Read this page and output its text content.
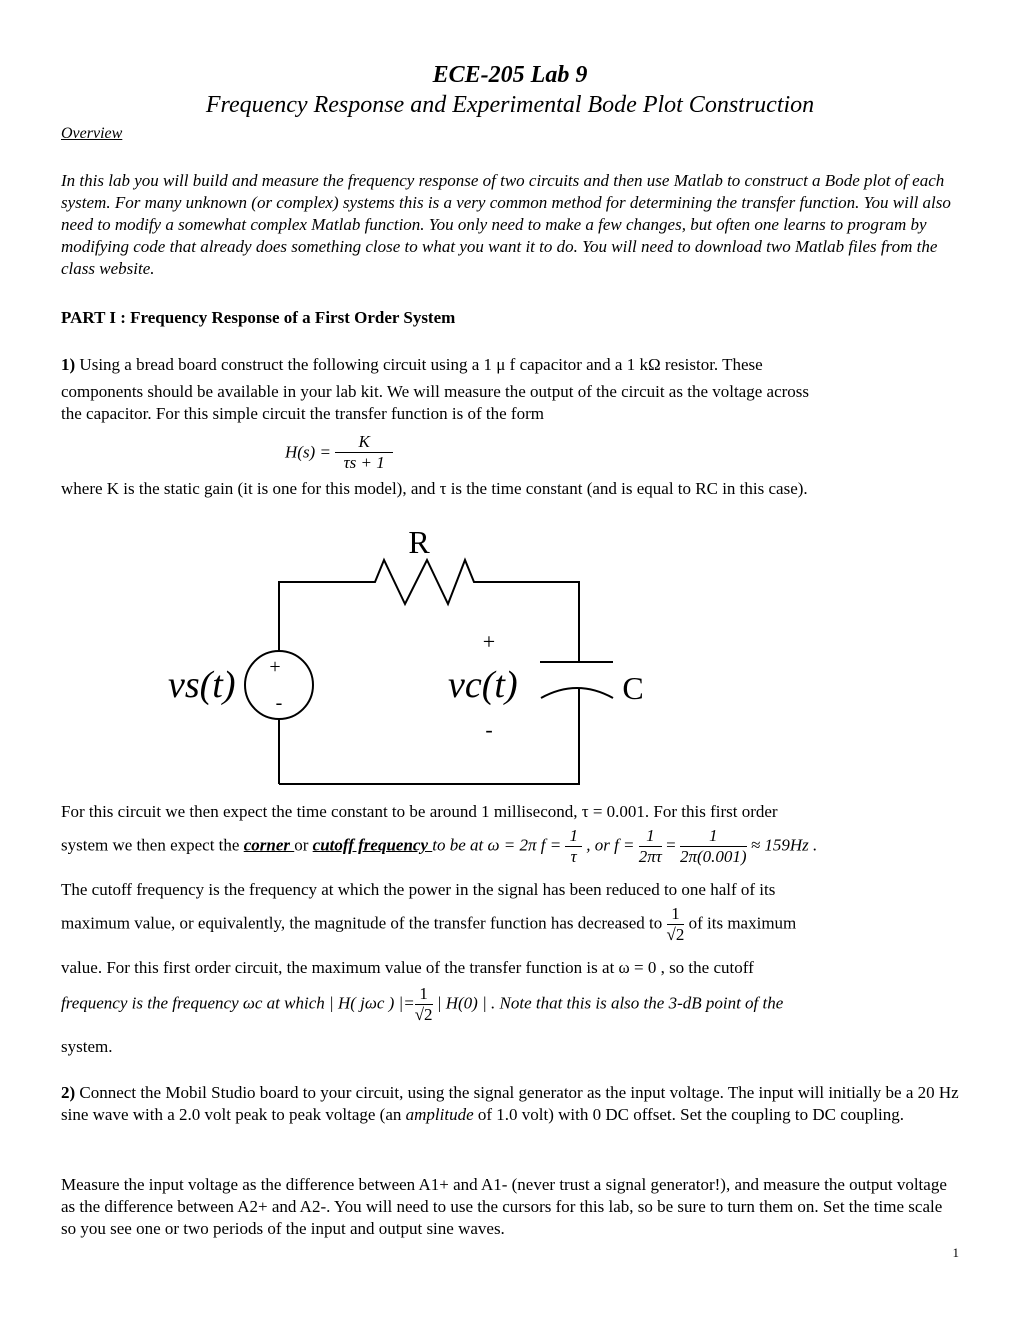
ECE-205 Lab 9
Frequency Response and Experimental Bode Plot Construction
Overview
In this lab you will build and measure the frequency response of two circuits and then use Matlab to construct a Bode plot of each system. For many unknown (or complex) systems this is a very common method for determining the transfer function. You will also need to modify a somewhat complex Matlab function. You only need to make a few changes, but often one learns to program by modifying code that already does something close to what you want it to do. You will need to download two Matlab files from the class website.
PART I : Frequency Response of a First Order System
1) Using a bread board construct the following circuit using a 1 μ f capacitor and a 1 kΩ resistor. These
components should be available in your lab kit. We will measure the output of the circuit as the voltage across
the capacitor. For this simple circuit the transfer function is of the form
$H(s) = \frac{K}{\tau s + 1}$
where K is the static gain (it is one for this model), and τ is the time constant (and is equal to RC in this case).
R
C
vs(t)	vc(t)
+
-
+
-
For this circuit we then expect the time constant to be around 1 millisecond, τ = 0.001. For this first order
system we then expect the corner or cutoff frequency to be at ω = 2π $f = \frac{1}{\tau}$ , or $f = \frac{1}{2\pi\tau} = \frac{1}{2\pi(0.001)} \approx 159Hz$ .
The cutoff frequency is the frequency at which the power in the signal has been reduced to one half of its
maximum value, or equivalently, the magnitude of the transfer function has decreased to $\frac{1}{√2}$ of its maximum
value. For this first order circuit, the maximum value of the transfer function is at ω = 0 , so the cutoff
frequency is the frequency ωc at which | H( jωc ) |= $\frac{1}{√2}$ | H(0) | . Note that this is also the 3-dB point of the
system.
2) Connect the Mobil Studio board to your circuit, using the signal generator as the input voltage. The input will initially be a 20 Hz sine wave with a 2.0 volt peak to peak voltage (an amplitude of 1.0 volt) with 0 DC offset. Set the coupling to DC coupling.
Measure the input voltage as the difference between A1+ and A1- (never trust a signal generator!), and measure the output voltage as the difference between A2+ and A2-. You will need to use the cursors for this lab, so be sure to turn them on. Set the time scale so you see one or two periods of the input and output sine waves.
1
